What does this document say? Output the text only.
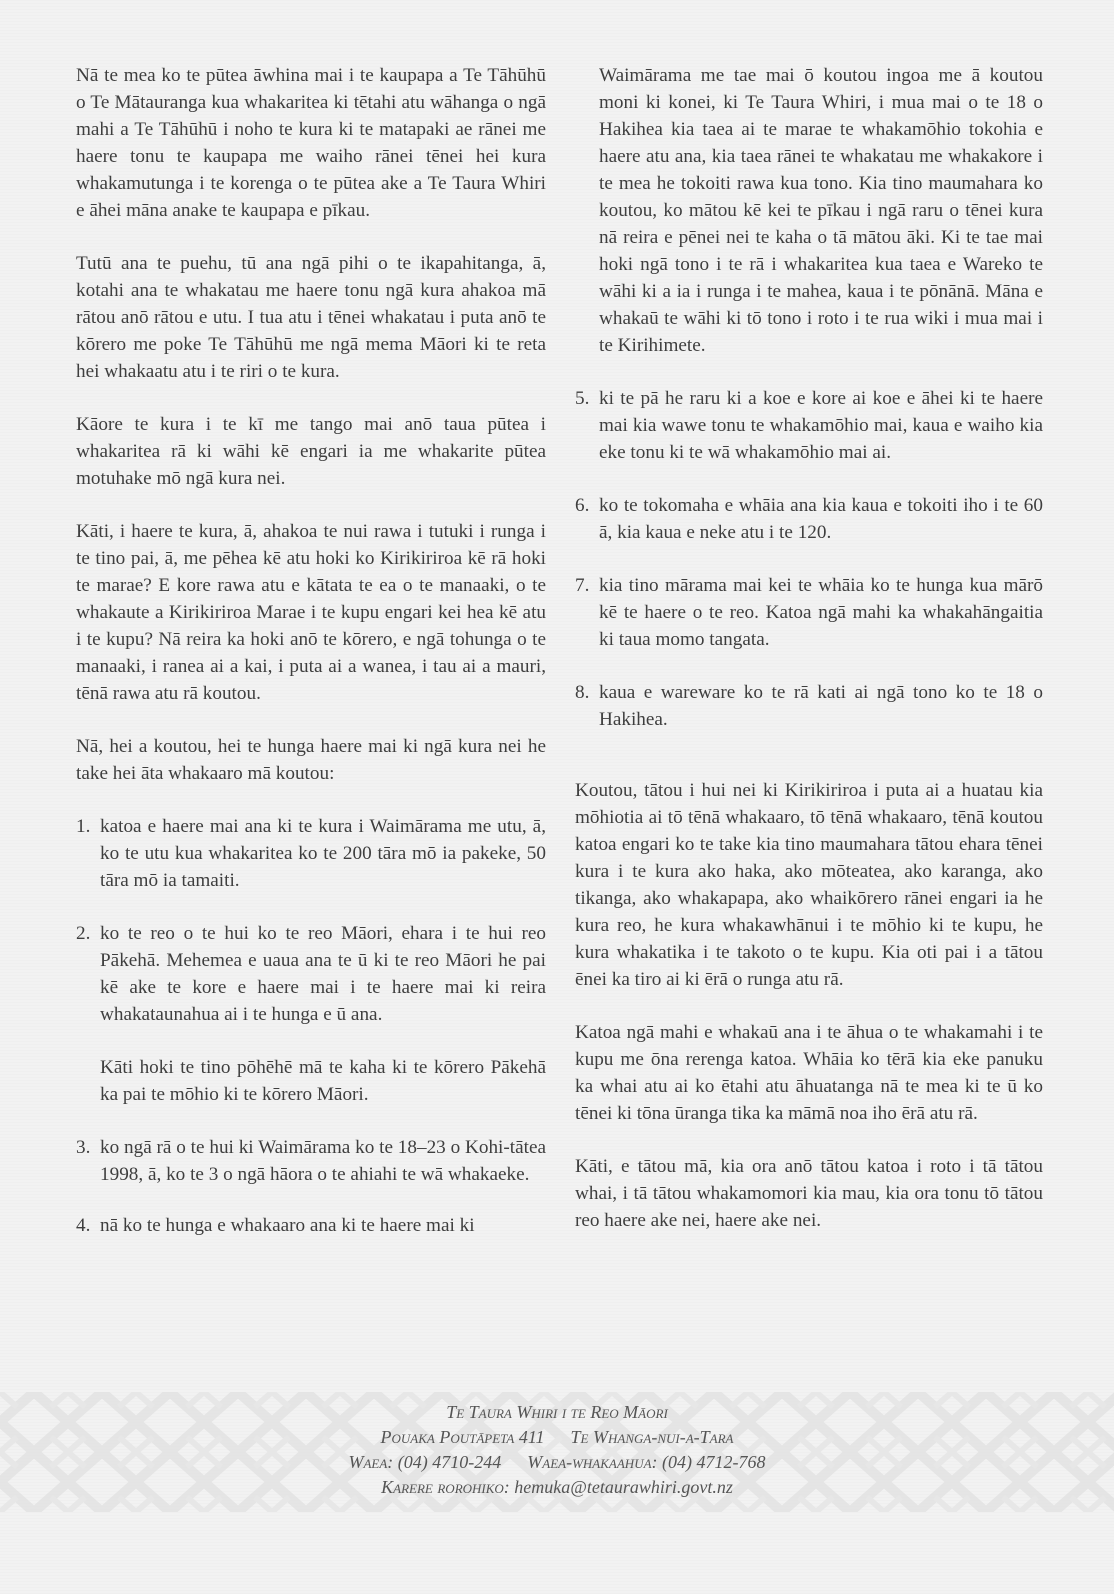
Nā te mea ko te pūtea āwhina mai i te kaupapa a Te Tāhūhū o Te Mātauranga kua whakaritea ki tētahi atu wāhanga o ngā mahi a Te Tāhūhū i noho te kura ki te matapaki ae rānei me haere tonu te kaupapa me waiho rānei tēnei hei kura whakamutunga i te korenga o te pūtea ake a Te Taura Whiri e āhei māna anake te kaupapa e pīkau.

Tutū ana te puehu, tū ana ngā pihi o te ikapahitanga, ā, kotahi ana te whakatau me haere tonu ngā kura ahakoa mā rātou anō rātou e utu. I tua atu i tēnei whakatau i puta anō te kōrero me poke Te Tāhūhū me ngā mema Māori ki te reta hei whakaatu atu i te riri o te kura.

Kāore te kura i te kī me tango mai anō taua pūtea i whakaritea rā ki wāhi kē engari ia me whakarite pūtea motuhake mō ngā kura nei.

Kāti, i haere te kura, ā, ahakoa te nui rawa i tutuki i runga i te tino pai, ā, me pēhea kē atu hoki ko Kirikiriroa kē rā hoki te marae? E kore rawa atu e kātata te ea o te manaaki, o te whakaute a Kirikiriroa Marae i te kupu engari kei hea kē atu i te kupu? Nā reira ka hoki anō te kōrero, e ngā tohunga o te manaaki, i ranea ai a kai, i puta ai a wanea, i tau ai a mauri, tēnā rawa atu rā koutou.

Nā, hei a koutou, hei te hunga haere mai ki ngā kura nei he take hei āta whakaaro mā koutou:

1. katoa e haere mai ana ki te kura i Waimārama me utu, ā, ko te utu kua whakaritea ko te 200 tāra mō ia pakeke, 50 tāra mō ia tamaiti.
2. ko te reo o te hui ko te reo Māori, ehara i te hui reo Pākehā. Mehemea e uaua ana te ū ki te reo Māori he pai kē ake te kore e haere mai i te haere mai ki reira whakataunahua ai i te hunga e ū ana.
Kāti hoki te tino pōhēhē mā te kaha ki te kōrero Pākehā ka pai te mōhio ki te kōrero Māori.
3. ko ngā rā o te hui ki Waimārama ko te 18–23 o Kohi-tātea 1998, ā, ko te 3 o ngā hāora o te ahiahi te wā whakaeke.
4. nā ko te hunga e whakaaro ana ki te haere mai ki

Waimārama me tae mai ō koutou ingoa me ā koutou moni ki konei, ki Te Taura Whiri, i mua mai o te 18 o Hakihea kia taea ai te marae te whakamōhio tokohia e haere atu ana, kia taea rānei te whakatau me whakakore i te mea he tokoiti rawa kua tono. Kia tino maumahara ko koutou, ko mātou kē kei te pīkau i ngā raru o tēnei kura nā reira e pēnei nei te kaha o tā mātou āki. Ki te tae mai hoki ngā tono i te rā i whakaritea kua taea e Wareko te wāhi ki a ia i runga i te mahea, kaua i te pōnānā. Māna e whakaū te wāhi ki tō tono i roto i te rua wiki i mua mai i te Kirihimete.

5. ki te pā he raru ki a koe e kore ai koe e āhei ki te haere mai kia wawe tonu te whakamōhio mai, kaua e waiho kia eke tonu ki te wā whakamōhio mai ai.
6. ko te tokomaha e whāia ana kia kaua e tokoiti iho i te 60 ā, kia kaua e neke atu i te 120.
7. kia tino mārama mai kei te whāia ko te hunga kua mārō kē te haere o te reo. Katoa ngā mahi ka whakahāngaitia ki taua momo tangata.
8. kaua e wareware ko te rā kati ai ngā tono ko te 18 o Hakihea.

Koutou, tātou i hui nei ki Kirikiriroa i puta ai a huatau kia mōhiotia ai tō tēnā whakaaro, tō tēnā whakaaro, tēnā koutou katoa engari ko te take kia tino maumahara tātou ehara tēnei kura i te kura ako haka, ako mōteatea, ako karanga, ako tikanga, ako whakapapa, ako whaikōrero rānei engari ia he kura reo, he kura whakawhānui i te mōhio ki te kupu, he kura whakatika i te takoto o te kupu. Kia oti pai i a tātou ēnei ka tiro ai ki ērā o runga atu rā.

Katoa ngā mahi e whakaū ana i te āhua o te whakamahi i te kupu me ōna rerenga katoa. Whāia ko tērā kia eke panuku ka whai atu ai ko ētahi atu āhuatanga nā te mea ki te ū ko tēnei ki tōna ūranga tika ka māmā noa iho ērā atu rā.

Kāti, e tātou mā, kia ora anō tātou katoa i roto i tā tātou whai, i tā tātou whakamomori kia mau, kia ora tonu tō tātou reo haere ake nei, haere ake nei.

Te Taura Whiri i te Reo Māori
Pouaka Poutāpeta 411 Te Whanga-nui-a-Tara
Waea: (04) 4710-244 Waea-whakaahua: (04) 4712-768
Karere rorohiko: hemuka@tetaurawhiri.govt.nz
